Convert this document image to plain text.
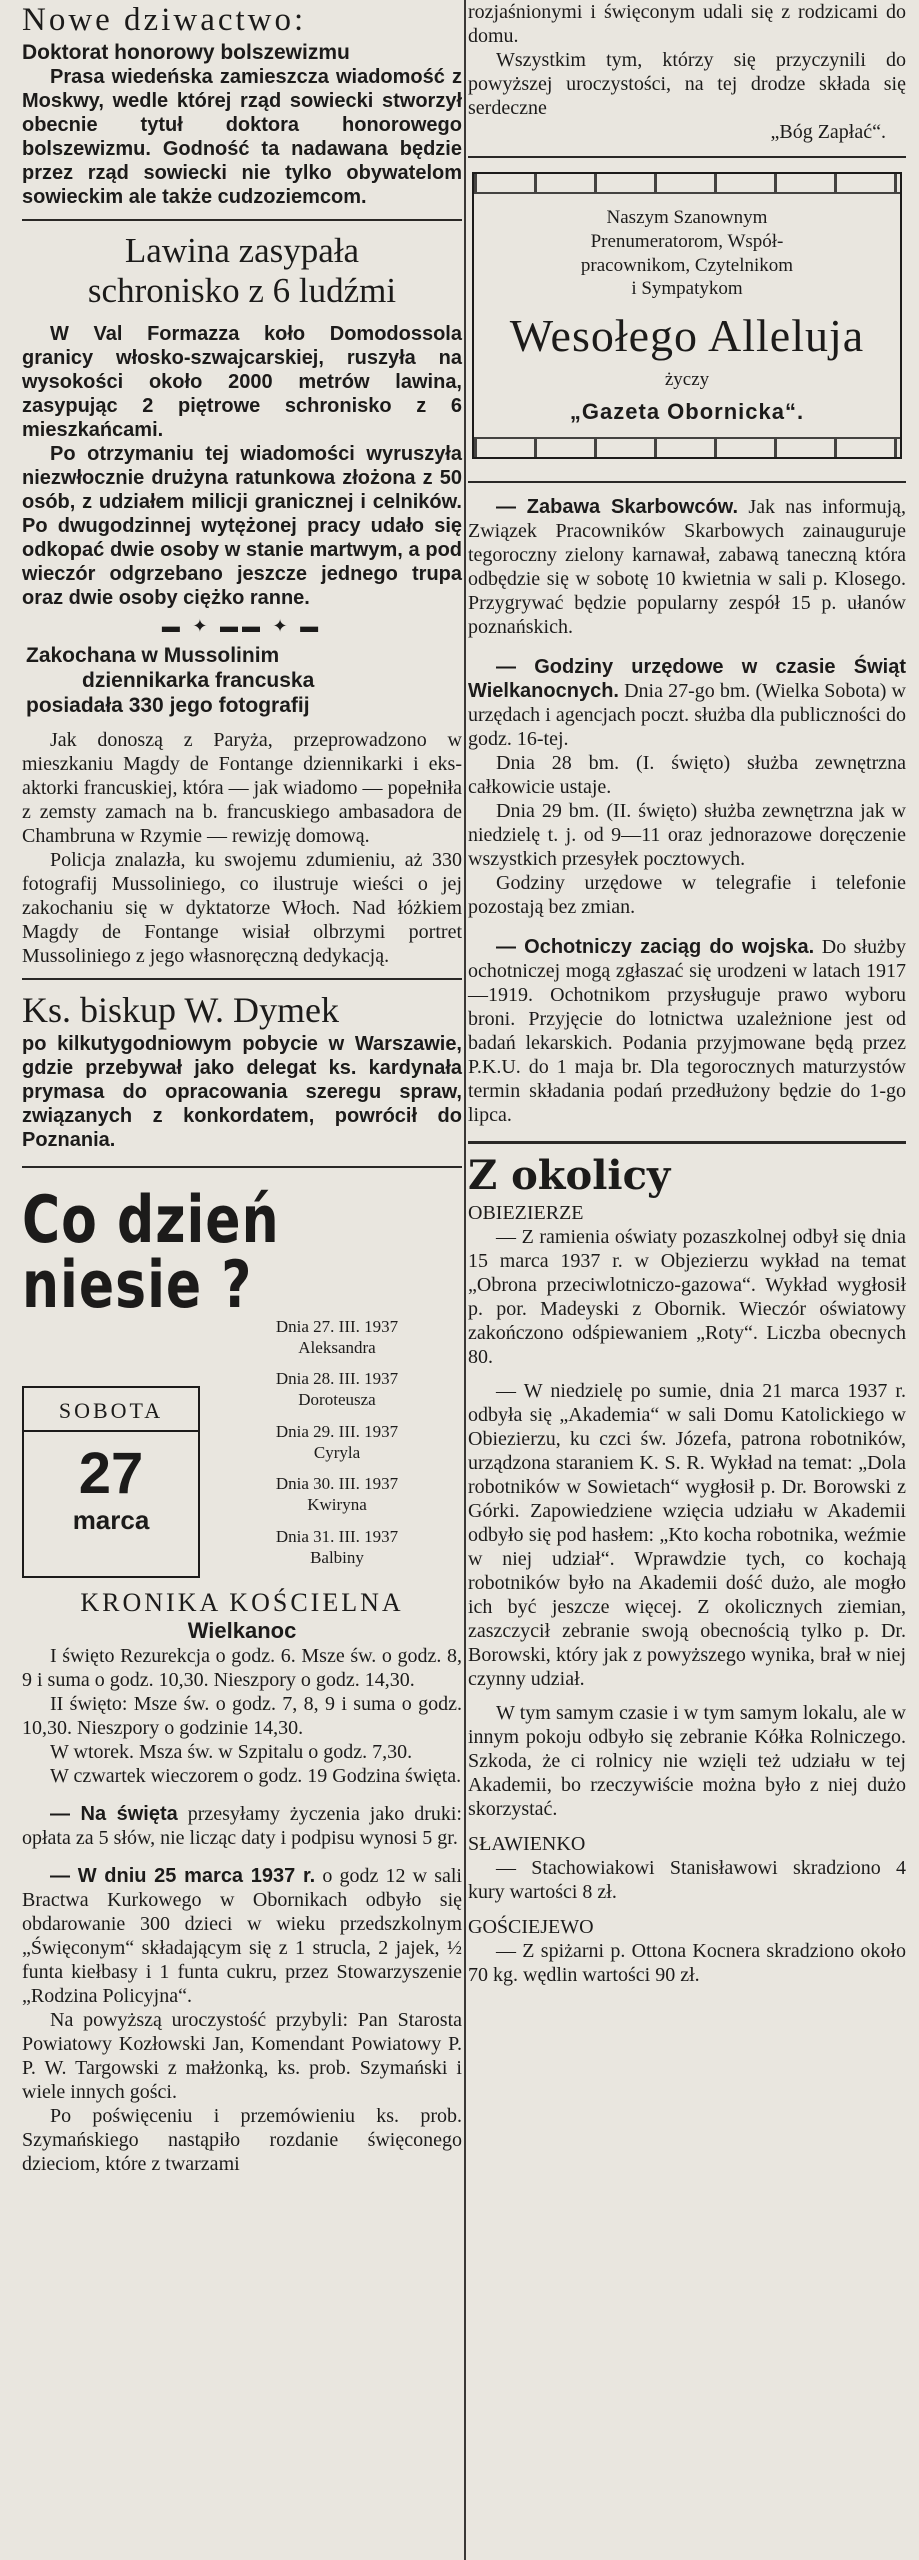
Nowe dziwactwo:

Doktorat honorowy bolszewizmu

Prasa wiedeńska zamieszcza wiadomość z Moskwy, wedle której rząd sowiecki stworzył obecnie tytuł doktora honorowego bolszewizmu. Godność ta nadawana będzie przez rząd sowiecki nie tylko obywatelom sowieckim ale także cudzoziemcom.

Lawina zasypała

schronisko z 6 ludźmi

W Val Formazza koło Domodossola granicy włosko-szwajcarskiej, ruszyła na wysokości około 2000 metrów lawina, zasypując 2 piętrowe schronisko z 6 mieszkańcami.

Po otrzymaniu tej wiadomości wyruszyła niezwłocznie drużyna ratunkowa złożona z 50 osób, z udziałem milicji granicznej i celników. Po dwugodzinnej wytężonej pracy udało się odkopać dwie osoby w stanie martwym, a pod wieczór odgrzebano jeszcze jednego trupa oraz dwie osoby ciężko ranne.

▬ ✦ ▬▬ ✦ ▬

Zakochana w Mussolinim

dziennikarka francuska

posiadała 330 jego fotografij

Jak donoszą z Paryża, przeprowadzono w mieszkaniu Magdy de Fontange dziennikarki i eks-aktorki francuskiej, która — jak wiadomo — popełniła z zemsty zamach na b. francuskiego ambasadora de Chambruna w Rzymie — rewizję domową.

Policja znalazła, ku swojemu zdumieniu, aż 330 fotografij Mussoliniego, co ilustruje wieści o jej zakochaniu się w dyktatorze Włoch. Nad łóżkiem Magdy de Fontange wisiał olbrzymi portret Mussoliniego z jego własnoręczną dedykacją.

Ks. biskup W. Dymek

po kilkutygodniowym pobycie w Warszawie, gdzie przebywał jako delegat ks. kardynała prymasa do opracowania szeregu spraw, związanych z konkordatem, powrócił do Poznania.

Co dzień niesie ?
SOBOTA
27
marca
Dnia 27. III. 1937
Aleksandra
Dnia 28. III. 1937
Doroteusza
Dnia 29. III. 1937
Cyryla
Dnia 30. III. 1937
Kwiryna
Dnia 31. III. 1937
Balbiny

KRONIKA KOŚCIELNA

Wielkanoc

I święto Rezurekcja o godz. 6. Msze św. o godz. 8, 9 i suma o godz. 10,30. Nieszpory o godz. 14,30.

II święto: Msze św. o godz. 7, 8, 9 i suma o godz. 10,30. Nieszpory o godzinie 14,30.

W wtorek. Msza św. w Szpitalu o godz. 7,30.

W czwartek wieczorem o godz. 19 Godzina święta.

— Na święta przesyłamy życzenia jako druki: opłata za 5 słów, nie licząc daty i podpisu wynosi 5 gr.

— W dniu 25 marca 1937 r. o godz 12 w sali Bractwa Kurkowego w Obornikach odbyło się obdarowanie 300 dzieci w wieku przedszkolnym „Święconym“ składającym się z 1 strucla, 2 jajek, ½ funta kiełbasy i 1 funta cukru, przez Stowarzyszenie „Rodzina Policyjna“.

Na powyższą uroczystość przybyli: Pan Starosta Powiatowy Kozłowski Jan, Komendant Powiatowy P. P. W. Targowski z małżonką, ks. prob. Szymański i wiele innych gości.

Po poświęceniu i przemówieniu ks. prob. Szymańskiego nastąpiło rozdanie święconego dzieciom, które z twarzami

rozjaśnionymi i święconym udali się z rodzicami do domu.

Wszystkim tym, którzy się przyczynili do powyższej uroczystości, na tej drodze składa się serdeczne

„Bóg Zapłać“.

Naszym Szanownym
Prenumeratorom, Współ-
pracownikom, Czytelnikom
i Sympatykom
Wesołego Alleluja
życzy
„Gazeta Obornicka“.

— Zabawa Skarbowców. Jak nas informują, Związek Pracowników Skarbowych zainauguruje tegoroczny zielony karnawał, zabawą taneczną która odbędzie się w sobotę 10 kwietnia w sali p. Klosego. Przygrywać będzie popularny zespół 15 p. ułanów poznańskich.

— Godziny urzędowe w czasie Świąt Wielkanocnych. Dnia 27-go bm. (Wielka Sobota) w urzędach i agencjach poczt. służba dla publiczności do godz. 16-tej.

Dnia 28 bm. (I. święto) służba zewnętrzna całkowicie ustaje.

Dnia 29 bm. (II. święto) służba zewnętrzna jak w niedzielę t. j. od 9—11 oraz jednorazowe doręczenie wszystkich przesyłek pocztowych.

Godziny urzędowe w telegrafie i telefonie pozostają bez zmian.

— Ochotniczy zaciąg do wojska. Do służby ochotniczej mogą zgłaszać się urodzeni w latach 1917—1919. Ochotnikom przysługuje prawo wyboru broni. Przyjęcie do lotnictwa uzależnione jest od badań lekarskich. Podania przyjmowane będą przez P.K.U. do 1 maja br. Dla tegorocznych maturzystów termin składania podań przedłużony będzie do 1-go lipca.

Z okolicy

OBIEZIERZE

— Z ramienia oświaty pozaszkolnej odbył się dnia 15 marca 1937 r. w Objezierzu wykład na temat „Obrona przeciwlotniczo-gazowa“. Wykład wygłosił p. por. Madeyski z Obornik. Wieczór oświatowy zakończono odśpiewaniem „Roty“. Liczba obecnych 80.

— W niedzielę po sumie, dnia 21 marca 1937 r. odbyła się „Akademia“ w sali Domu Katolickiego w Obiezierzu, ku czci św. Józefa, patrona robotników, urządzona staraniem K. S. R. Wykład na temat: „Dola robotników w Sowietach“ wygłosił p. Dr. Borowski z Górki. Zapowiedziene wzięcia udziału w Akademii odbyło się pod hasłem: „Kto kocha robotnika, weźmie w niej udział“. Wprawdzie tych, co kochają robotników było na Akademii dość dużo, ale mogło ich być jeszcze więcej. Z okolicznych ziemian, zaszczycił zebranie swoją obecnością tylko p. Dr. Borowski, który jak z powyższego wynika, brał w niej czynny udział.

W tym samym czasie i w tym samym lokalu, ale w innym pokoju odbyło się zebranie Kółka Rolniczego. Szkoda, że ci rolnicy nie wzięli też udziału w tej Akademii, bo rzeczywiście można było z niej dużo skorzystać.

SŁAWIENKO

— Stachowiakowi Stanisławowi skradziono 4 kury wartości 8 zł.

GOŚCIEJEWO

— Z spiżarni p. Ottona Kocnera skradziono około 70 kg. wędlin wartości 90 zł.
